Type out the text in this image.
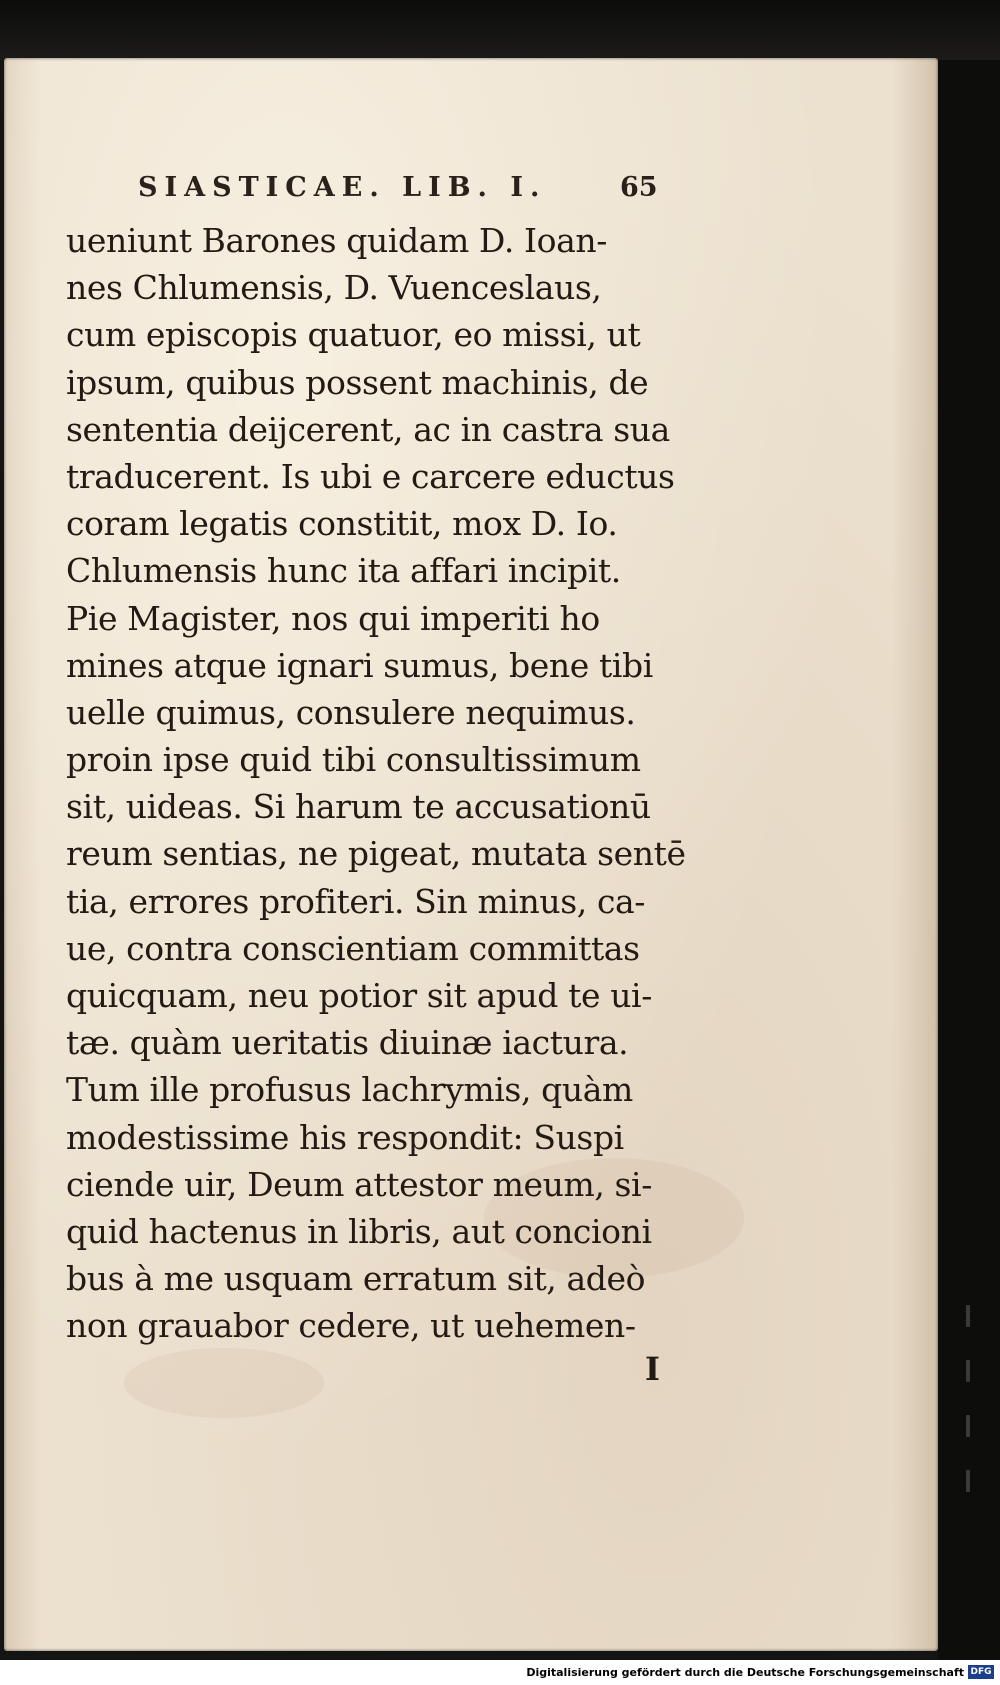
SIASTICAE. LIB. I.	65
ueniunt Barones quidam D. Ioan-
nes Chlumensis, D. Vuenceslaus,
cum episcopis quatuor, eo missi, ut
ipsum, quibus possent machinis, de
sententia deijcerent, ac in castra sua
traducerent. Is ubi e carcere eductus
coram legatis constitit, mox D. Io.
Chlumensis hunc ita affari incipit.
Pie Magister, nos qui imperiti ho
mines atque ignari sumus, bene tibi
uelle quimus, consulere nequimus.
proin ipse quid tibi consultissimum
sit, uideas. Si harum te accusationū
reum sentias, ne pigeat, mutata sentē
tia, errores profiteri. Sin minus, ca-
ue, contra conscientiam committas
quicquam, neu potior sit apud te ui-
tæ. quàm ueritatis diuinæ iactura.
Tum ille profusus lachrymis, quàm
modestissime his respondit: Suspi
ciende uir, Deum attestor meum, si-
quid hactenus in libris, aut concioni
bus à me usquam erratum sit, adeò
non grauabor cedere, ut uehemen-
I
Digitalisierung gefördert durch die Deutsche Forschungsgemeinschaft DFG
